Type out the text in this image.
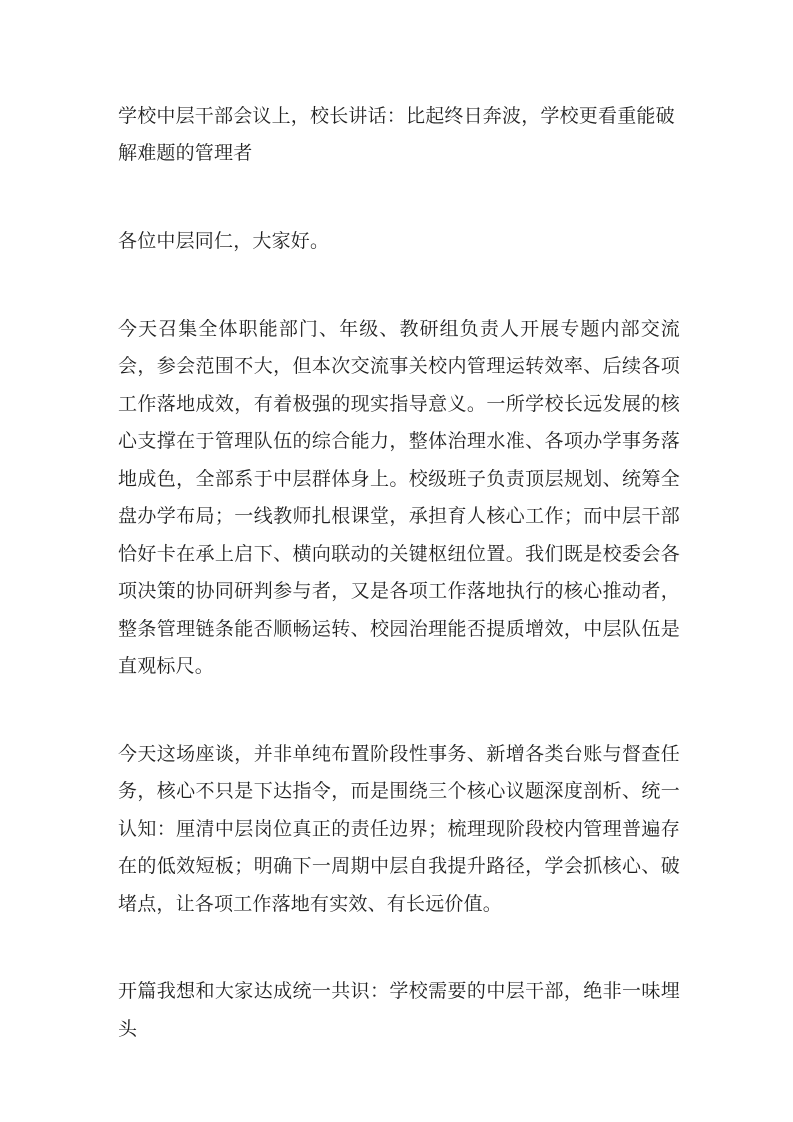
学校中层干部会议上，校长讲话：比起终日奔波，学校更看重能破解难题的管理者

各位中层同仁，大家好。

今天召集全体职能部门、年级、教研组负责人开展专题内部交流会，参会范围不大，但本次交流事关校内管理运转效率、后续各项工作落地成效，有着极强的现实指导意义。一所学校长远发展的核心支撑在于管理队伍的综合能力，整体治理水准、各项办学事务落地成色，全部系于中层群体身上。校级班子负责顶层规划、统筹全盘办学布局；一线教师扎根课堂，承担育人核心工作；而中层干部恰好卡在承上启下、横向联动的关键枢纽位置。我们既是校委会各项决策的协同研判参与者，又是各项工作落地执行的核心推动者，整条管理链条能否顺畅运转、校园治理能否提质增效，中层队伍是直观标尺。

今天这场座谈，并非单纯布置阶段性事务、新增各类台账与督查任务，核心不只是下达指令，而是围绕三个核心议题深度剖析、统一认知：厘清中层岗位真正的责任边界；梳理现阶段校内管理普遍存在的低效短板；明确下一周期中层自我提升路径，学会抓核心、破堵点，让各项工作落地有实效、有长远价值。

开篇我想和大家达成统一共识：学校需要的中层干部，绝非一味埋头
